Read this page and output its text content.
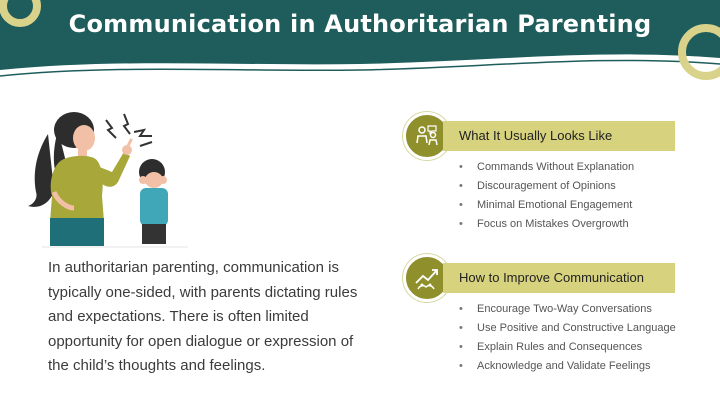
Communication in Authoritarian Parenting
In authoritarian parenting, communication is typically one-sided, with parents dictating rules and expectations. There is often limited opportunity for open dialogue or expression of the child’s thoughts and feelings.
What It Usually Looks Like
• Commands Without Explanation
• Discouragement of Opinions
• Minimal Emotional Engagement
• Focus on Mistakes Overgrowth
How to Improve Communication
• Encourage Two-Way Conversations
• Use Positive and Constructive Language
• Explain Rules and Consequences
• Acknowledge and Validate Feelings
